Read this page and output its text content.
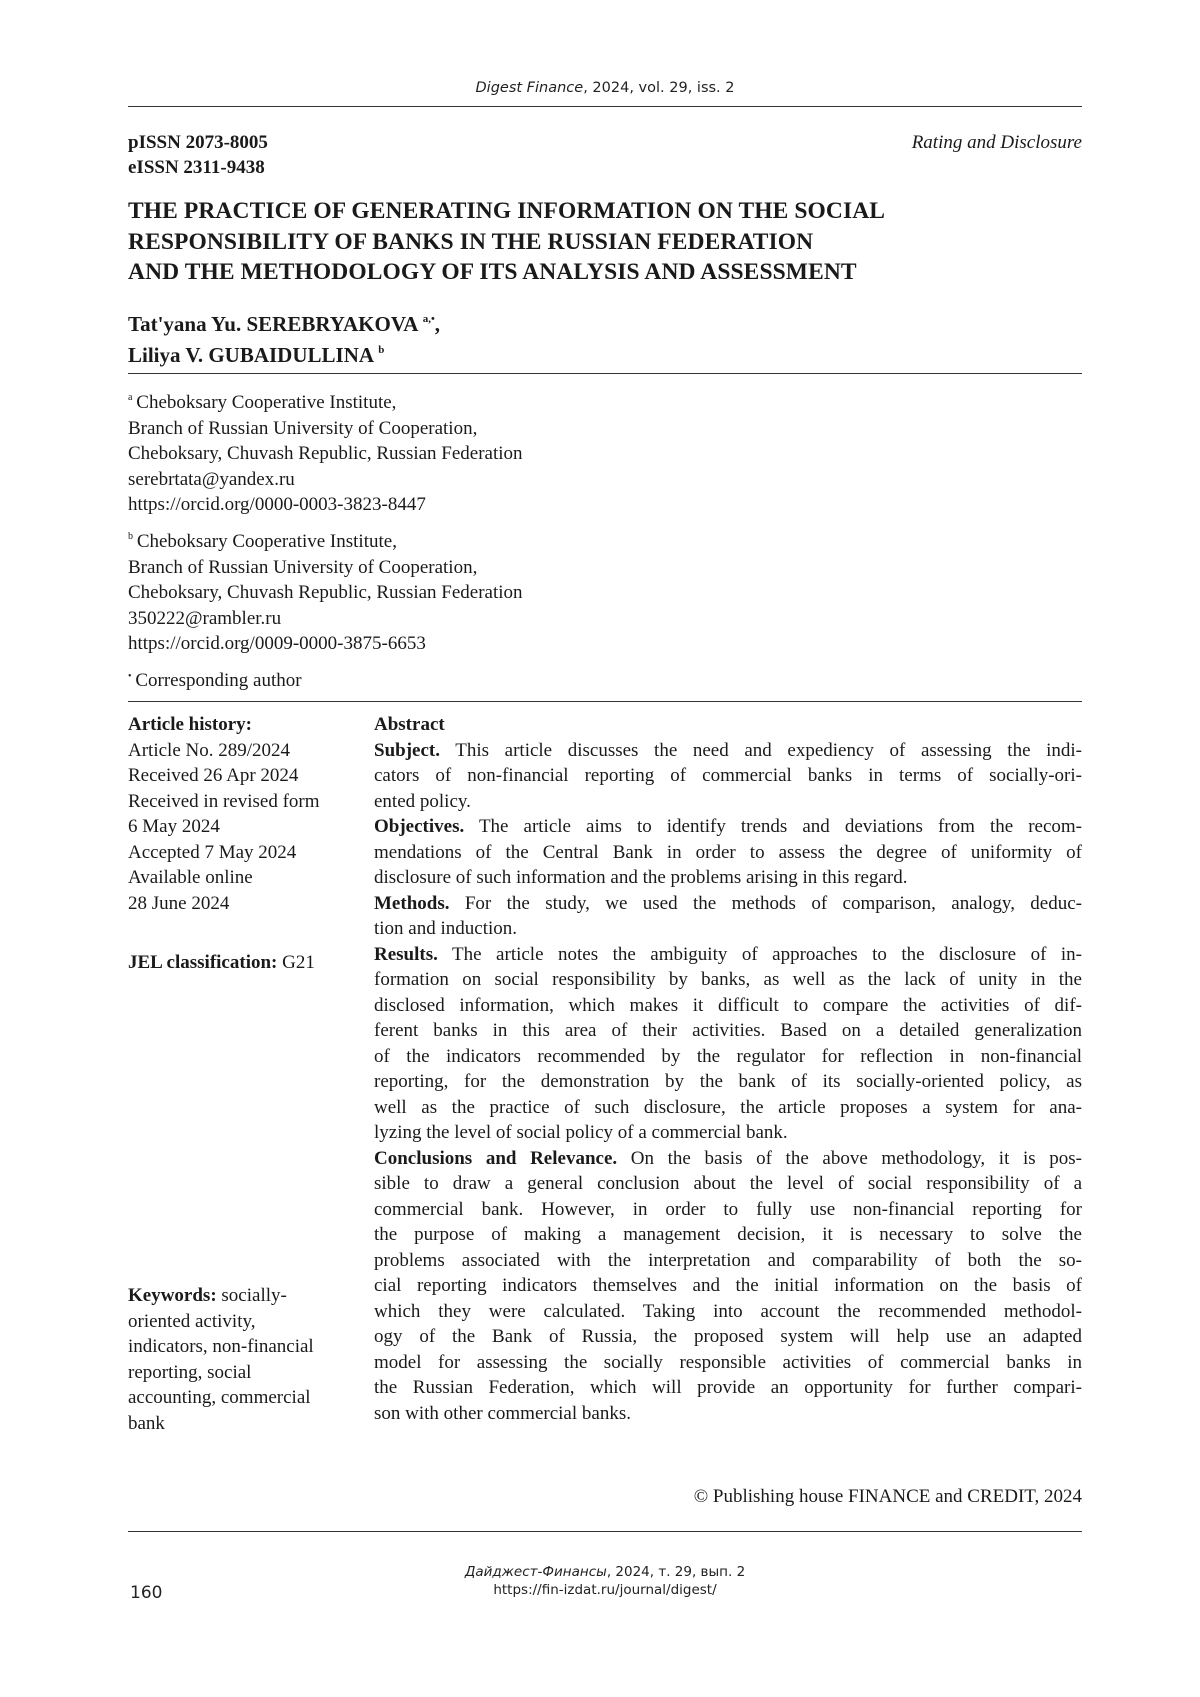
Digest Finance, 2024, vol. 29, iss. 2
pISSN 2073-8005
eISSN 2311-9438
Rating and Disclosure
THE PRACTICE OF GENERATING INFORMATION ON THE SOCIAL
RESPONSIBILITY OF BANKS IN THE RUSSIAN FEDERATION
AND THE METHODOLOGY OF ITS ANALYSIS AND ASSESSMENT
Tat'yana Yu. SEREBRYAKOVA  $^{a,•}$,
Liliya V. GUBAIDULLINA  $^b$
$^a$  Cheboksary Cooperative Institute,
Branch of Russian University of Cooperation,
Cheboksary, Chuvash Republic, Russian Federation
serebrtata@yandex.ru
https://orcid.org/0000-0003-3823-8447
$^b$  Cheboksary Cooperative Institute,
Branch of Russian University of Cooperation,
Cheboksary, Chuvash Republic, Russian Federation
350222@rambler.ru
https://orcid.org/0009-0000-3875-6653
•  Corresponding author
Article history:
Article No. 289/2024
Received 26 Apr 2024
Received in revised form
6 May 2024
Accepted 7 May 2024
Available online
28 June 2024
JEL classification: G21
Keywords: socially-
oriented activity,
indicators, non-financial
reporting, social
accounting, commercial
bank
Abstract
Subject. This article discusses the need and expediency of assessing the indi-
cators of non-financial reporting of commercial banks in terms of socially-ori-
ented policy.
Objectives. The article aims to identify trends and deviations from the recom-
mendations of the Central Bank in order to assess the degree of uniformity of
disclosure of such information and the problems arising in this regard.
Methods. For the study, we used the methods of comparison, analogy, deduc-
tion and induction.
Results. The article notes the ambiguity of approaches to the disclosure of in-
formation on social responsibility by banks, as well as the lack of unity in the
disclosed information, which makes it difficult to compare the activities of dif-
ferent banks in this area of their activities. Based on a detailed generalization
of the indicators recommended by the regulator for reflection in non-financial
reporting, for the demonstration by the bank of its socially-oriented policy, as
well as the practice of such disclosure, the article proposes a system for ana-
lyzing the level of social policy of a commercial bank.
Conclusions and Relevance. On the basis of the above methodology, it is pos-
sible to draw a general conclusion about the level of social responsibility of a
commercial bank. However, in order to fully use non-financial reporting for
the purpose of making a management decision, it is necessary to solve the
problems associated with the interpretation and comparability of both the so-
cial reporting indicators themselves and the initial information on the basis of
which they were calculated. Taking into account the recommended methodol-
ogy of the Bank of Russia, the proposed system will help use an adapted
model for assessing the socially responsible activities of commercial banks in
the Russian Federation, which will provide an opportunity for further compari-
son with other commercial banks.
© Publishing house FINANCE and CREDIT, 2024
Дайджест-Финансы, 2024, т. 29, вып. 2
https://fin-izdat.ru/journal/digest/
160
